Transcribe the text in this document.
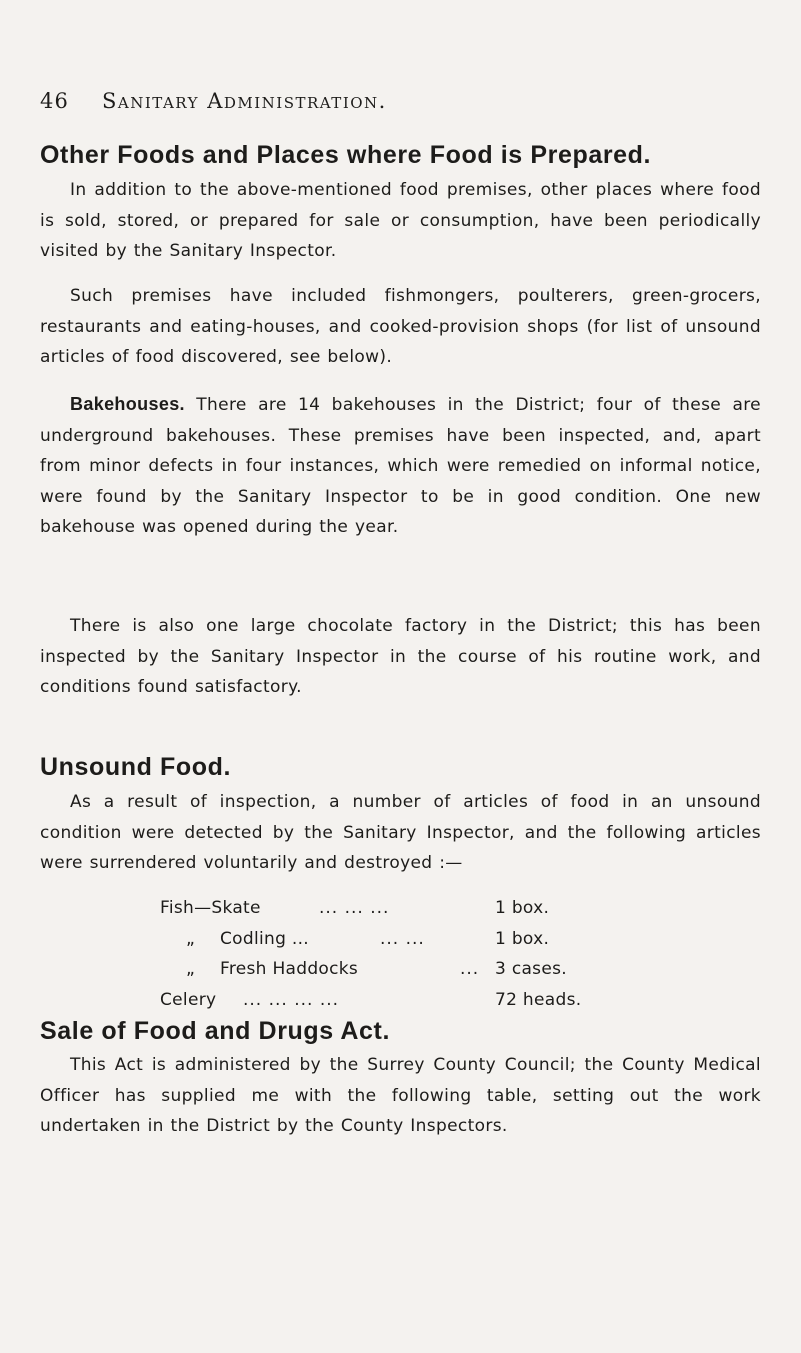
46 Sanitary Administration.
Other Foods and Places where Food is Prepared.

In addition to the above-mentioned food premises, other places where food is sold, stored, or prepared for sale or consumption, have been periodically visited by the Sanitary Inspector.

Such premises have included fishmongers, poulterers, green-grocers, restaurants and eating-houses, and cooked-provision shops (for list of unsound articles of food discovered, see below).

Bakehouses. There are 14 bakehouses in the District; four of these are underground bakehouses. These premises have been inspected, and, apart from minor defects in four instances, which were remedied on informal notice, were found by the Sanitary Inspector to be in good condition. One new bakehouse was opened during the year.

There is also one large chocolate factory in the District; this has been inspected by the Sanitary Inspector in the course of his routine work, and conditions found satisfactory.

Unsound Food.

As a result of inspection, a number of articles of food in an unsound condition were detected by the Sanitary Inspector, and the following articles were surrendered voluntarily and destroyed :—

Fish—Skate	... ... ...	1 box.
„ Codling ...	... ...	1 box.
„ Fresh Haddocks	... 3 cases.
Celery ... ... ... ...	72 heads.
Sale of Food and Drugs Act.

This Act is administered by the Surrey County Council; the County Medical Officer has supplied me with the following table, setting out the work undertaken in the District by the County Inspectors.
